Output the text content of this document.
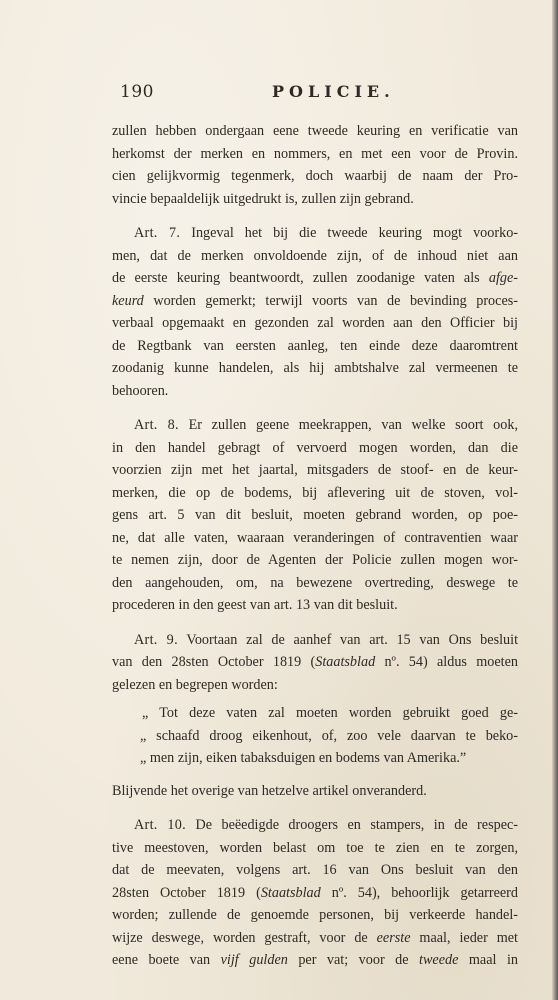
190	POLICIE.
zullen hebben ondergaan eene tweede keuring en verificatie van
herkomst der merken en nommers, en met een voor de Provin.
cien gelijkvormig tegenmerk, doch waarbij de naam der Pro-
vincie bepaaldelijk uitgedrukt is, zullen zijn gebrand.
Art. 7. Ingeval het bij die tweede keuring mogt voorko-
men, dat de merken onvoldoende zijn, of de inhoud niet aan
de eerste keuring beantwoordt, zullen zoodanige vaten als afge-
keurd worden gemerkt; terwijl voorts van de bevinding proces-
verbaal opgemaakt en gezonden zal worden aan den Officier bij
de Regtbank van eersten aanleg, ten einde deze daaromtrent
zoodanig kunne handelen, als hij ambtshalve zal vermeenen te
behooren.
Art. 8. Er zullen geene meekrappen, van welke soort ook,
in den handel gebragt of vervoerd mogen worden, dan die
voorzien zijn met het jaartal, mitsgaders de stoof- en de keur-
merken, die op de bodems, bij aflevering uit de stoven, vol-
gens art. 5 van dit besluit, moeten gebrand worden, op poe-
ne, dat alle vaten, waaraan veranderingen of contraventien waar
te nemen zijn, door de Agenten der Policie zullen mogen wor-
den aangehouden, om, na bewezene overtreding, deswege te
procederen in den geest van art. 13 van dit besluit.
Art. 9. Voortaan zal de aanhef van art. 15 van Ons besluit
van den 28sten October 1819 (Staatsblad nº. 54) aldus moeten
gelezen en begrepen worden:
„ Tot deze vaten zal moeten worden gebruikt goed ge-
„ schaafd droog eikenhout, of, zoo vele daarvan te beko-
„ men zijn, eiken tabaksduigen en bodems van Amerika.”
Blijvende het overige van hetzelve artikel onveranderd.
Art. 10. De beëedigde droogers en stampers, in de respec-
tive meestoven, worden belast om toe te zien en te zorgen,
dat de meevaten, volgens art. 16 van Ons besluit van den
28sten October 1819 (Staatsblad nº. 54), behoorlijk getarreerd
worden; zullende de genoemde personen, bij verkeerde handel-
wijze deswege, worden gestraft, voor de eerste maal, ieder met
eene boete van vijf gulden per vat; voor de tweede maal in
